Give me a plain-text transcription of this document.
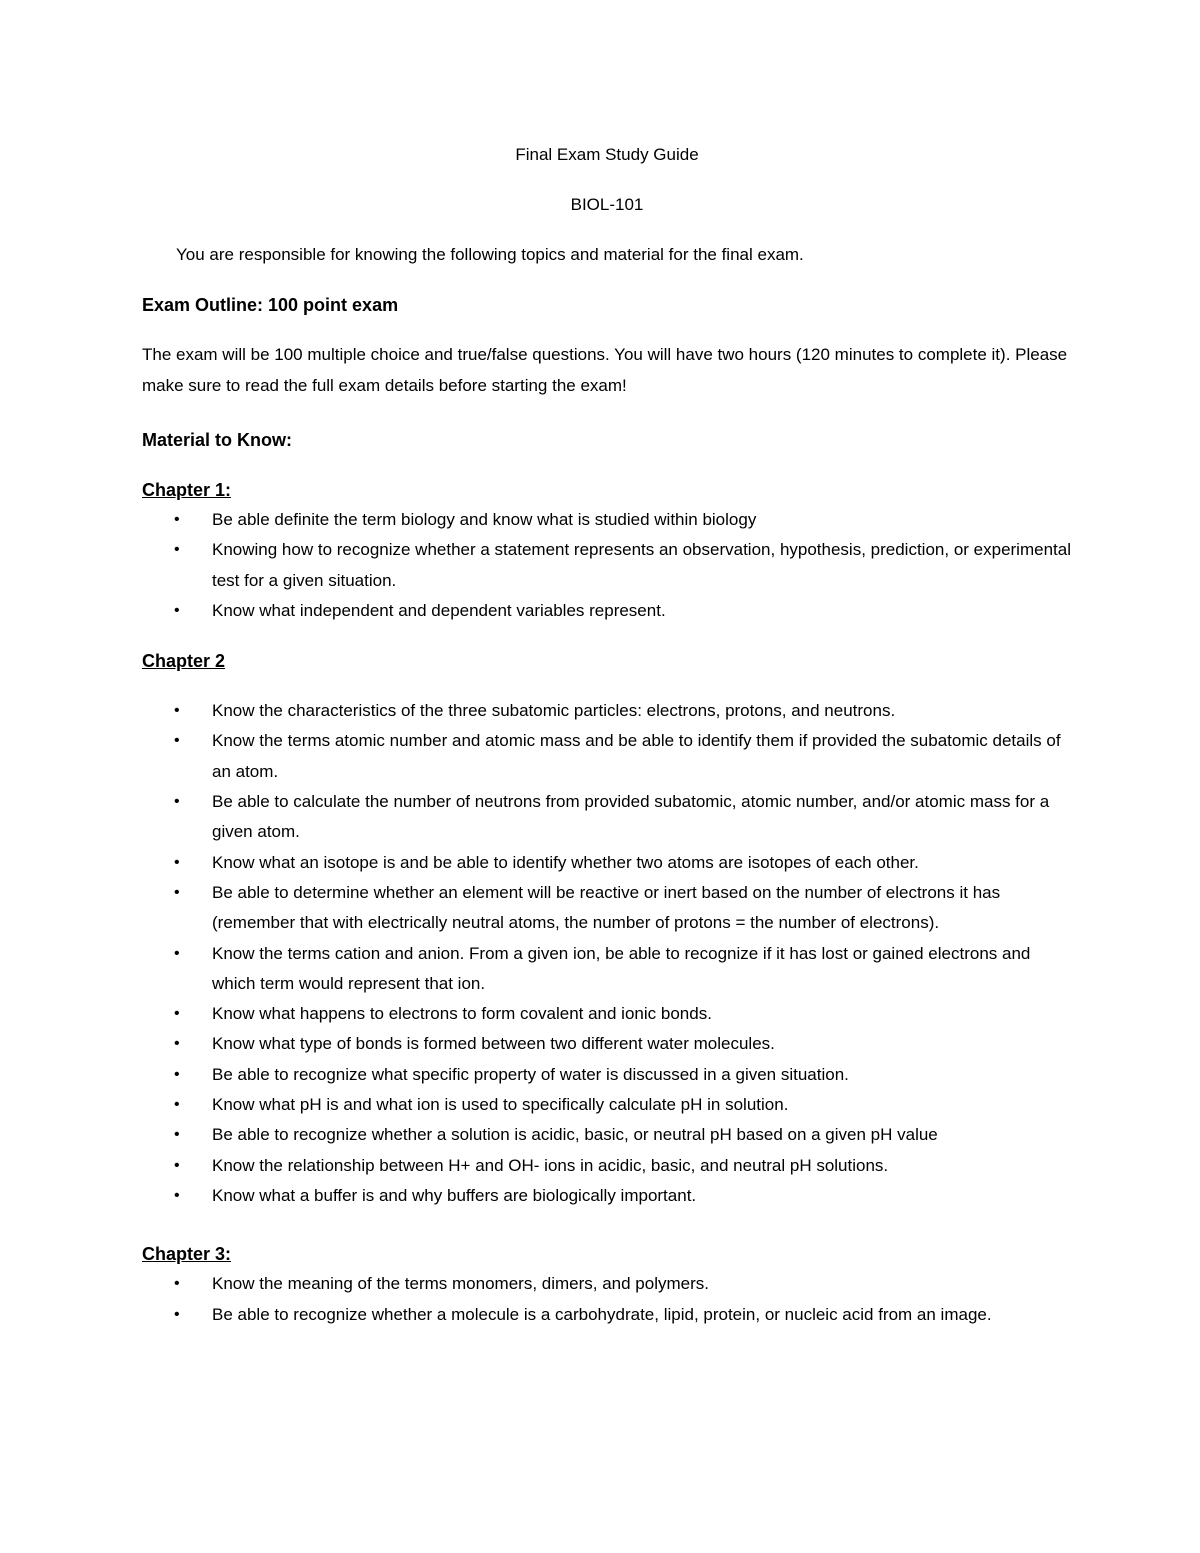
Final Exam Study Guide

BIOL-101

You are responsible for knowing the following topics and material for the final exam.

Exam Outline: 100 point exam

The exam will be 100 multiple choice and true/false questions. You will have two hours (120 minutes to complete it). Please make sure to read the full exam details before starting the exam!

Material to Know:

Chapter 1:
• Be able definite the term biology and know what is studied within biology
• Knowing how to recognize whether a statement represents an observation, hypothesis, prediction, or experimental test for a given situation.
• Know what independent and dependent variables represent.
Chapter 2
• Know the characteristics of the three subatomic particles: electrons, protons, and neutrons.
• Know the terms atomic number and atomic mass and be able to identify them if provided the subatomic details of an atom.
• Be able to calculate the number of neutrons from provided subatomic, atomic number, and/or atomic mass for a given atom.
• Know what an isotope is and be able to identify whether two atoms are isotopes of each other.
• Be able to determine whether an element will be reactive or inert based on the number of electrons it has (remember that with electrically neutral atoms, the number of protons = the number of electrons).
• Know the terms cation and anion. From a given ion, be able to recognize if it has lost or gained electrons and which term would represent that ion.
• Know what happens to electrons to form covalent and ionic bonds.
• Know what type of bonds is formed between two different water molecules.
• Be able to recognize what specific property of water is discussed in a given situation.
• Know what pH is and what ion is used to specifically calculate pH in solution.
• Be able to recognize whether a solution is acidic, basic, or neutral pH based on a given pH value
• Know the relationship between H+ and OH- ions in acidic, basic, and neutral pH solutions.
• Know what a buffer is and why buffers are biologically important.
Chapter 3:
• Know the meaning of the terms monomers, dimers, and polymers.
• Be able to recognize whether a molecule is a carbohydrate, lipid, protein, or nucleic acid from an image.
